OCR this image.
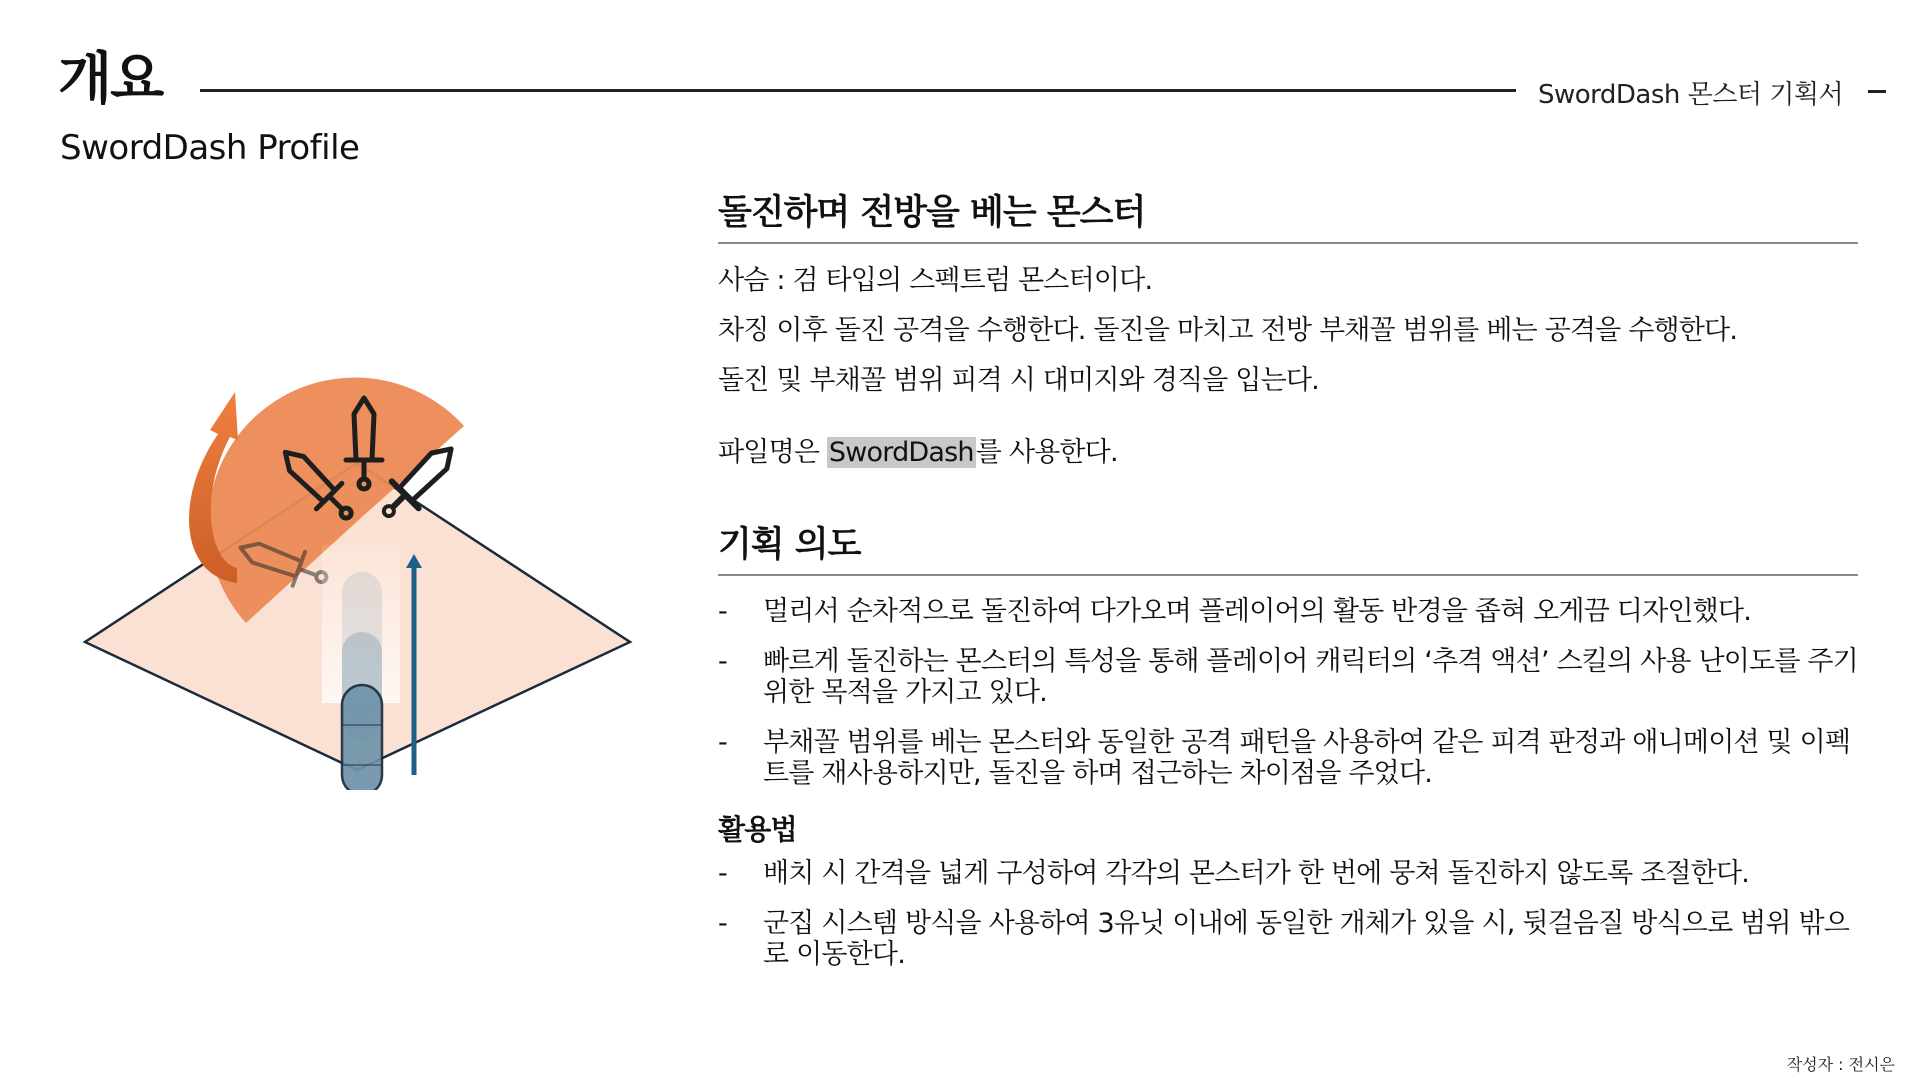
개요	SwordDash 몬스터 기획서
SwordDash Profile
돌진하며 전방을 베는 몬스터

사슴 : 검 타입의 스펙트럼 몬스터이다.

차징 이후 돌진 공격을 수행한다. 돌진을 마치고 전방 부채꼴 범위를 베는 공격을 수행한다.

돌진 및 부채꼴 범위 피격 시 대미지와 경직을 입는다.

파일명은 SwordDash를 사용한다.

기획 의도
- 멀리서 순차적으로 돌진하여 다가오며 플레이어의 활동 반경을 좁혀 오게끔 디자인했다.
- 빠르게 돌진하는 몬스터의 특성을 통해 플레이어 캐릭터의 ‘추격 액션’ 스킬의 사용 난이도를 주기 위한 목적을 가지고 있다.
- 부채꼴 범위를 베는 몬스터와 동일한 공격 패턴을 사용하여 같은 피격 판정과 애니메이션 및 이펙트를 재사용하지만, 돌진을 하며 접근하는 차이점을 주었다.
활용법
- 배치 시 간격을 넓게 구성하여 각각의 몬스터가 한 번에 뭉쳐 돌진하지 않도록 조절한다.
- 군집 시스템 방식을 사용하여 3유닛 이내에 동일한 개체가 있을 시, 뒷걸음질 방식으로 범위 밖으로 이동한다.
작성자 : 전시은
